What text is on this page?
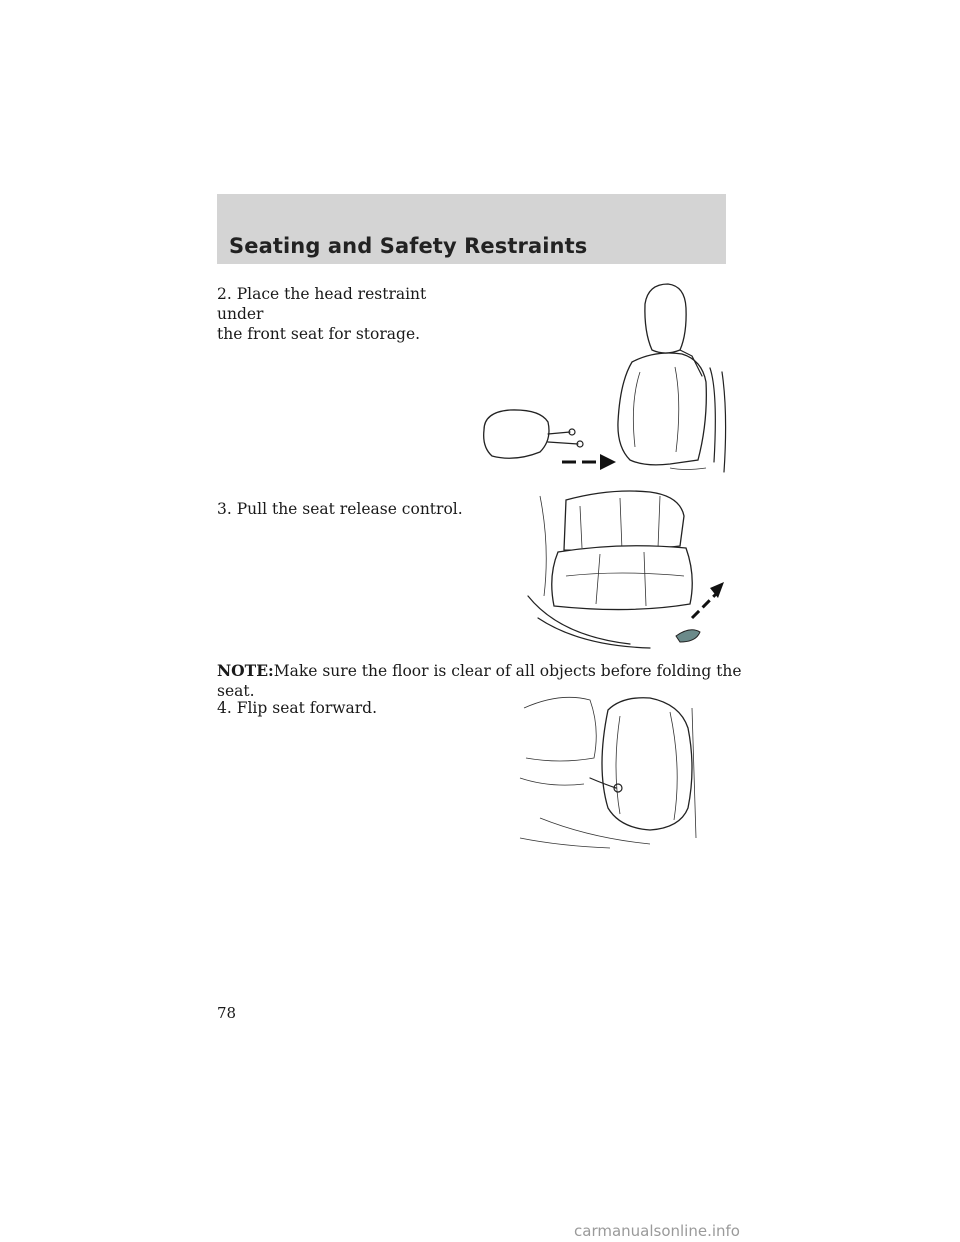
Seating and Safety Restraints
2. Place the head restraint under
the front seat for storage.
3. Pull the seat release control.
NOTE:Make sure the floor is clear of all objects before folding the seat.
4. Flip seat forward.
78
carmanualsonline.info
